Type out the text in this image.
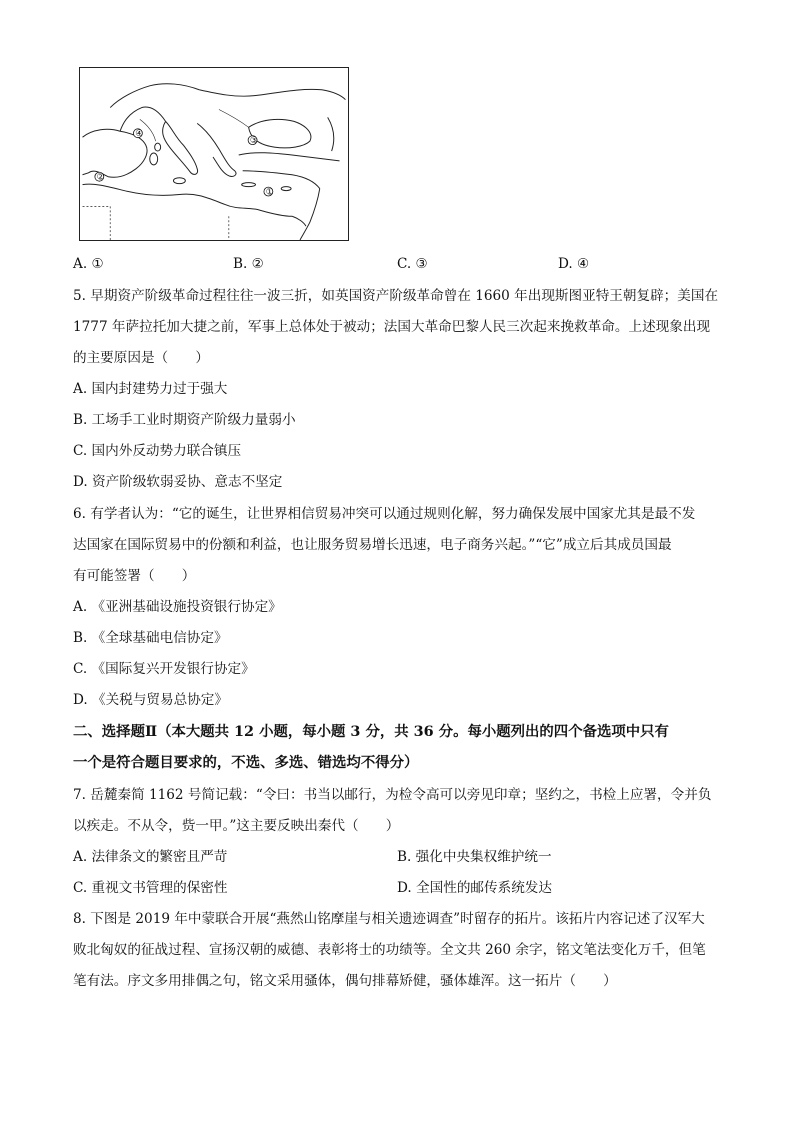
④
②
③
①
A. ①	B. ②	C. ③	D. ④
5. 早期资产阶级革命过程往往一波三折，如英国资产阶级革命曾在 1660 年出现斯图亚特王朝复辟；美国在
1777 年萨拉托加大捷之前，军事上总体处于被动；法国大革命巴黎人民三次起来挽救革命。上述现象出现
的主要原因是（　　）
A. 国内封建势力过于强大
B. 工场手工业时期资产阶级力量弱小
C. 国内外反动势力联合镇压
D. 资产阶级软弱妥协、意志不坚定
6. 有学者认为：“它的诞生，让世界相信贸易冲突可以通过规则化解，努力确保发展中国家尤其是最不发
达国家在国际贸易中的份额和利益，也让服务贸易增长迅速，电子商务兴起。”“它”成立后其成员国最
有可能签署（　　）
A. 《亚洲基础设施投资银行协定》
B. 《全球基础电信协定》
C. 《国际复兴开发银行协定》
D. 《关税与贸易总协定》
二、选择题Ⅱ（本大题共 12 小题，每小题 3 分，共 36 分。每小题列出的四个备选项中只有
一个是符合题目要求的，不选、多选、错选均不得分）
7. 岳麓秦简 1162 号简记载：“令曰：书当以邮行，为检令高可以旁见印章；坚约之，书检上应署，令并负
以疾走。不从令，赀一甲。”这主要反映出秦代（　　）
A. 法律条文的繁密且严苛	B. 强化中央集权维护统一
C. 重视文书管理的保密性	D. 全国性的邮传系统发达
8. 下图是 2019 年中蒙联合开展“燕然山铭摩崖与相关遗迹调查”时留存的拓片。该拓片内容记述了汉军大
败北匈奴的征战过程、宣扬汉朝的威德、表彰将士的功绩等。全文共 260 余字，铭文笔法变化万千，但笔
笔有法。序文多用排偶之句，铭文采用骚体，偶句排幕矫健，骚体雄浑。这一拓片（　　）
